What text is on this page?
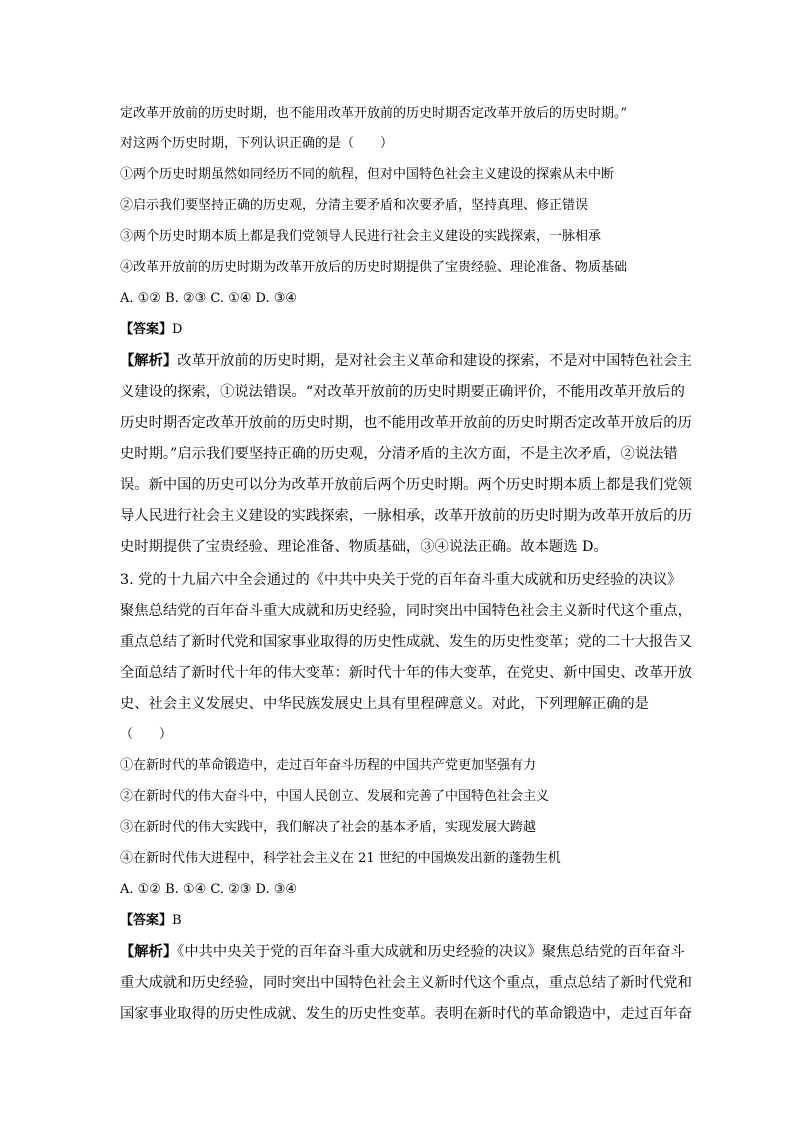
定改革开放前的历史时期，也不能用改革开放前的历史时期否定改革开放后的历史时期。”
对这两个历史时期，下列认识正确的是（　　）
①两个历史时期虽然如同经历不同的航程，但对中国特色社会主义建设的探索从未中断
②启示我们要坚持正确的历史观，分清主要矛盾和次要矛盾，坚持真理、修正错误
③两个历史时期本质上都是我们党领导人民进行社会主义建设的实践探索，一脉相承
④改革开放前的历史时期为改革开放后的历史时期提供了宝贵经验、理论准备、物质基础
A. ①② B. ②③ C. ①④ D. ③④
【答案】D
【解析】改革开放前的历史时期，是对社会主义革命和建设的探索，不是对中国特色社会主
义建设的探索，①说法错误。“对改革开放前的历史时期要正确评价，不能用改革开放后的
历史时期否定改革开放前的历史时期，也不能用改革开放前的历史时期否定改革开放后的历
史时期。”启示我们要坚持正确的历史观，分清矛盾的主次方面，不是主次矛盾，②说法错
误。新中国的历史可以分为改革开放前后两个历史时期。两个历史时期本质上都是我们党领
导人民进行社会主义建设的实践探索，一脉相承，改革开放前的历史时期为改革开放后的历
史时期提供了宝贵经验、理论准备、物质基础，③④说法正确。故本题选 D。
3. 党的十九届六中全会通过的《中共中央关于党的百年奋斗重大成就和历史经验的决议》
聚焦总结党的百年奋斗重大成就和历史经验，同时突出中国特色社会主义新时代这个重点，
重点总结了新时代党和国家事业取得的历史性成就、发生的历史性变革；党的二十大报告又
全面总结了新时代十年的伟大变革：新时代十年的伟大变革，在党史、新中国史、改革开放
史、社会主义发展史、中华民族发展史上具有里程碑意义。对此，下列理解正确的是
（　　）
①在新时代的革命锻造中，走过百年奋斗历程的中国共产党更加坚强有力
②在新时代的伟大奋斗中，中国人民创立、发展和完善了中国特色社会主义
③在新时代的伟大实践中，我们解决了社会的基本矛盾，实现发展大跨越
④在新时代伟大进程中，科学社会主义在 21 世纪的中国焕发出新的蓬勃生机
A. ①② B. ①④ C. ②③ D. ③④
【答案】B
【解析】《中共中央关于党的百年奋斗重大成就和历史经验的决议》聚焦总结党的百年奋斗
重大成就和历史经验，同时突出中国特色社会主义新时代这个重点，重点总结了新时代党和
国家事业取得的历史性成就、发生的历史性变革。表明在新时代的革命锻造中，走过百年奋
